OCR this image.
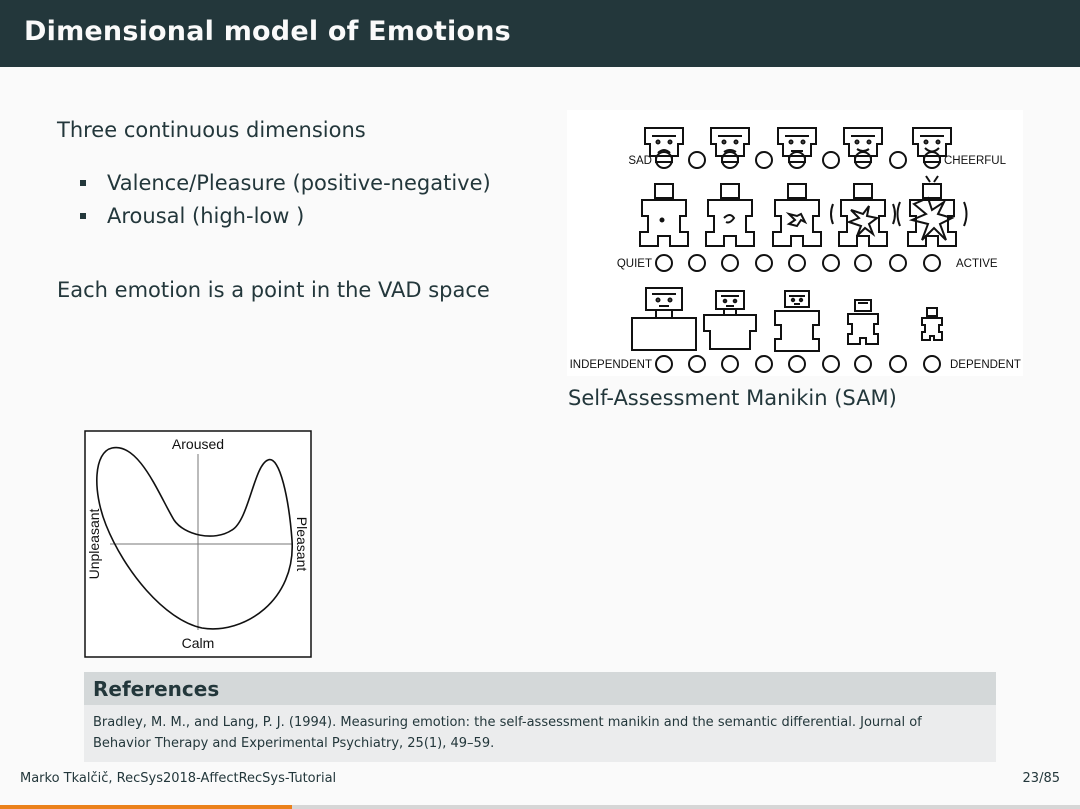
Dimensional model of Emotions
Three continuous dimensions
Valence/Pleasure (positive-negative)
Arousal (high-low )
Each emotion is a point in the VAD space
SAD	CHEERFUL
QUIET	ACTIVE
INDEPENDENT	DEPENDENT
Self-Assessment Manikin (SAM)
Aroused
Calm
Unpleasant	Pleasant
References
Bradley, M. M., and Lang, P. J. (1994). Measuring emotion: the self-assessment manikin and the semantic differential. Journal of
Behavior Therapy and Experimental Psychiatry, 25(1), 49–59.
Marko Tkalčič, RecSys2018-AffectRecSys-Tutorial	23/85
